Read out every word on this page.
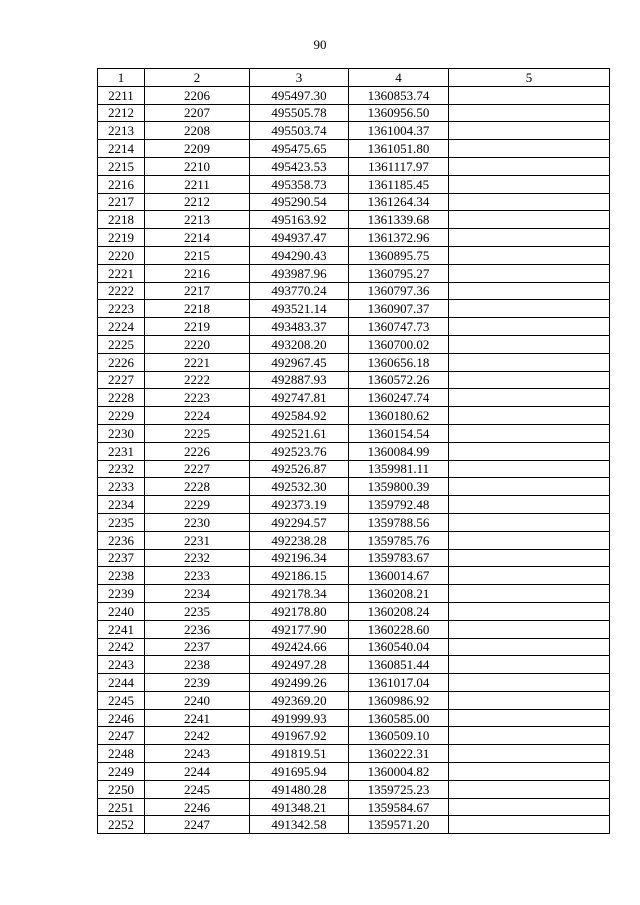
90
1	2	3	4	5
2211	2206	495497.30	1360853.74	
2212	2207	495505.78	1360956.50	
2213	2208	495503.74	1361004.37	
2214	2209	495475.65	1361051.80	
2215	2210	495423.53	1361117.97	
2216	2211	495358.73	1361185.45	
2217	2212	495290.54	1361264.34	
2218	2213	495163.92	1361339.68	
2219	2214	494937.47	1361372.96	
2220	2215	494290.43	1360895.75	
2221	2216	493987.96	1360795.27	
2222	2217	493770.24	1360797.36	
2223	2218	493521.14	1360907.37	
2224	2219	493483.37	1360747.73	
2225	2220	493208.20	1360700.02	
2226	2221	492967.45	1360656.18	
2227	2222	492887.93	1360572.26	
2228	2223	492747.81	1360247.74	
2229	2224	492584.92	1360180.62	
2230	2225	492521.61	1360154.54	
2231	2226	492523.76	1360084.99	
2232	2227	492526.87	1359981.11	
2233	2228	492532.30	1359800.39	
2234	2229	492373.19	1359792.48	
2235	2230	492294.57	1359788.56	
2236	2231	492238.28	1359785.76	
2237	2232	492196.34	1359783.67	
2238	2233	492186.15	1360014.67	
2239	2234	492178.34	1360208.21	
2240	2235	492178.80	1360208.24	
2241	2236	492177.90	1360228.60	
2242	2237	492424.66	1360540.04	
2243	2238	492497.28	1360851.44	
2244	2239	492499.26	1361017.04	
2245	2240	492369.20	1360986.92	
2246	2241	491999.93	1360585.00	
2247	2242	491967.92	1360509.10	
2248	2243	491819.51	1360222.31	
2249	2244	491695.94	1360004.82	
2250	2245	491480.28	1359725.23	
2251	2246	491348.21	1359584.67	
2252	2247	491342.58	1359571.20	
